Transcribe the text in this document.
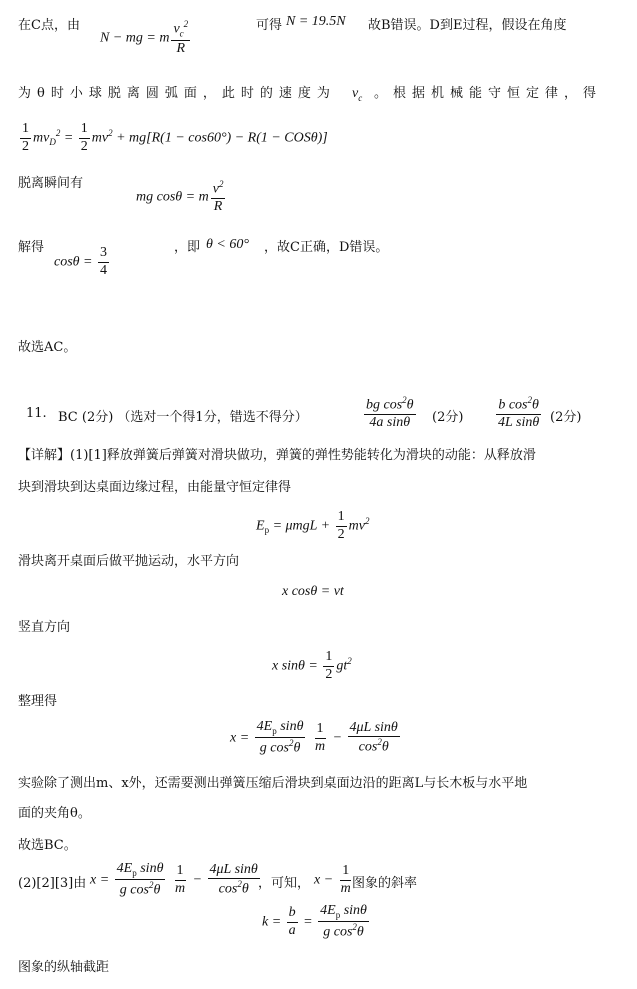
在C点，由
N − mg = m $\frac{v_c^2}{R}$	可得 N = 19.5N 故B错误。D到E过程，假设在角度
为θ时小球脱离圆弧面，此时的速度为 $v_c$ 。根据机械能守恒定律，得
$\frac{1}{2} mv_D^2 = \frac{1}{2} mv^2 + mg[R(1 - \cos 60^\circ) - R(1 - COS\theta)]$
脱离瞬间有
mg cosθ = m $\frac{v^2}{R}$
解得
$\cos\theta = \frac{3}{4}$	，即 θ < 60° ，故C正确，D错误。
故选AC。
11. BC (2分) （选对一个得1分，错选不得分）	$\frac{bg \cos^2\theta}{\text{4a sinθ}} (2$分) $\frac{b \cos^2\theta}{\text{4L sinθ}} (2$分)
【详解】(1)[1]释放弹簧后弹簧对滑块做功，弹簧的弹性势能转化为滑块的动能：从释放滑
块到滑块到达桌面边缘过程，由能量守恒定律得
$E_p = \mu mgL + \frac{1}{2} mv^2$
滑块离开桌面后做平抛运动，水平方向
x cosθ = vt
竖直方向
x $\sin\theta = \frac{1}{2} gt^2$
整理得
$x = \frac{4E_p \sin\theta}{g \cos^2\theta}$
$\frac{1}{m} - \frac{\text{4μL sinθ}}{\cos^2\theta}$
实验除了测出m、x外，还需要测出弹簧压缩后滑块到桌面边沿的距离L与长木板与水平地
面的夹角θ。
故选BC。
(2)[2][3]由 $x = \frac{4E_p \sin\theta}{g \cos^2\theta}$
$\frac{1}{m} - \frac{\text{4μL sinθ}}{\cos^2\theta}$
，可知， $x - \frac{1}{m}$ 图象的斜率
$k = \frac{b}{a} = \frac{4E_p \sin\theta}{g \cos^2\theta}$
图象的纵轴截距
